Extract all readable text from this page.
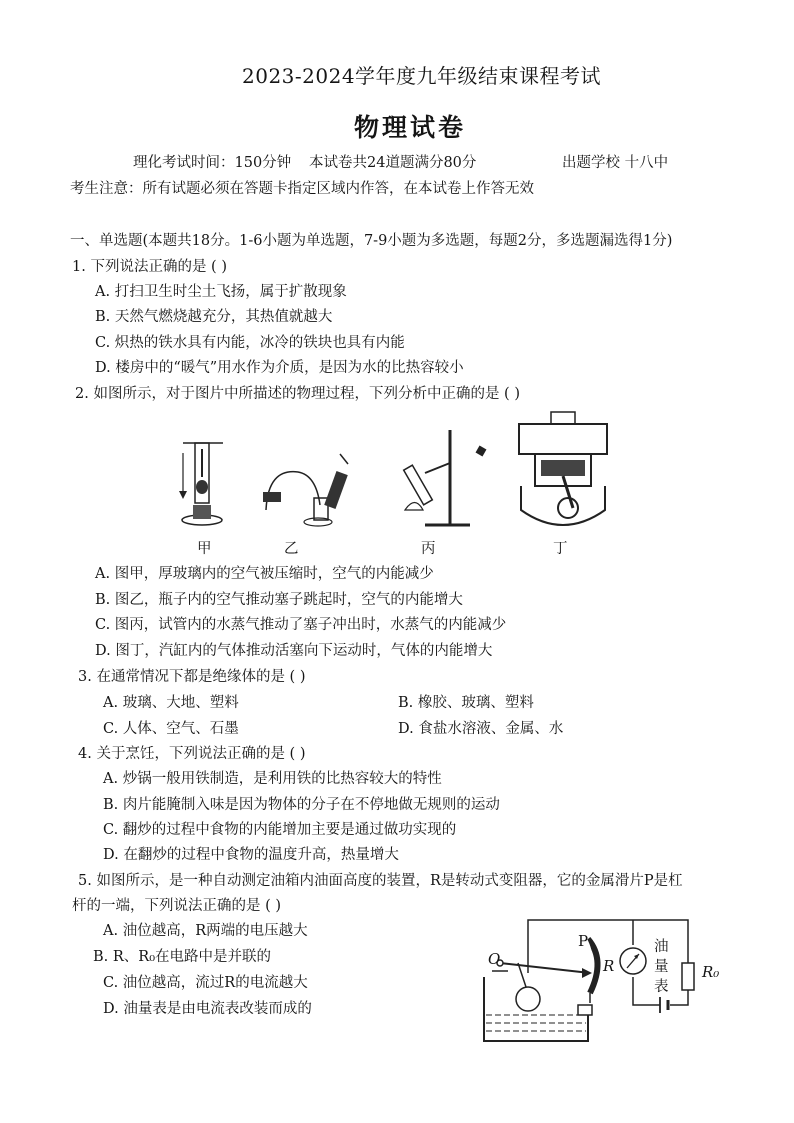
2023-2024学年度九年级结束课程考试
物理试卷
理化考试时间：150分钟 本试卷共24道题满分80分	出题学校 十八中
考生注意：所有试题必须在答题卡指定区域内作答，在本试卷上作答无效
一、单选题(本题共18分。1-6小题为单选题，7-9小题为多选题，每题2分，多选题漏选得1分)
1. 下列说法正确的是 ( )
A. 打扫卫生时尘土飞扬，属于扩散现象
B. 天然气燃烧越充分，其热值就越大
C. 炽热的铁水具有内能，冰冷的铁块也具有内能
D. 楼房中的“暖气”用水作为介质，是因为水的比热容较小
2. 如图所示，对于图片中所描述的物理过程，下列分析中正确的是 ( )
甲	乙	丙	丁
A. 图甲，厚玻璃内的空气被压缩时，空气的内能减少
B. 图乙，瓶子内的空气推动塞子跳起时，空气的内能增大
C. 图丙，试管内的水蒸气推动了塞子冲出时，水蒸气的内能减少
D. 图丁，汽缸内的气体推动活塞向下运动时，气体的内能增大
3. 在通常情况下都是绝缘体的是 ( )
A. 玻璃、大地、塑料	B. 橡胶、玻璃、塑料
C. 人体、空气、石墨	D. 食盐水溶液、金属、水
4. 关于烹饪，下列说法正确的是 ( )
A. 炒锅一般用铁制造，是利用铁的比热容较大的特性
B. 肉片能腌制入味是因为物体的分子在不停地做无规则的运动
C. 翻炒的过程中食物的内能增加主要是通过做功实现的
D. 在翻炒的过程中食物的温度升高，热量增大
5. 如图所示，是一种自动测定油箱内油面高度的装置，R是转动式变阻器，它的金属滑片P是杠
杆的一端，下列说法正确的是 ( )
A. 油位越高，R两端的电压越大
B. R、R₀在电路中是并联的
C. 油位越高，流过R的电流越大
D. 油量表是由电流表改装而成的
O
P
R
油
量
表
R₀
